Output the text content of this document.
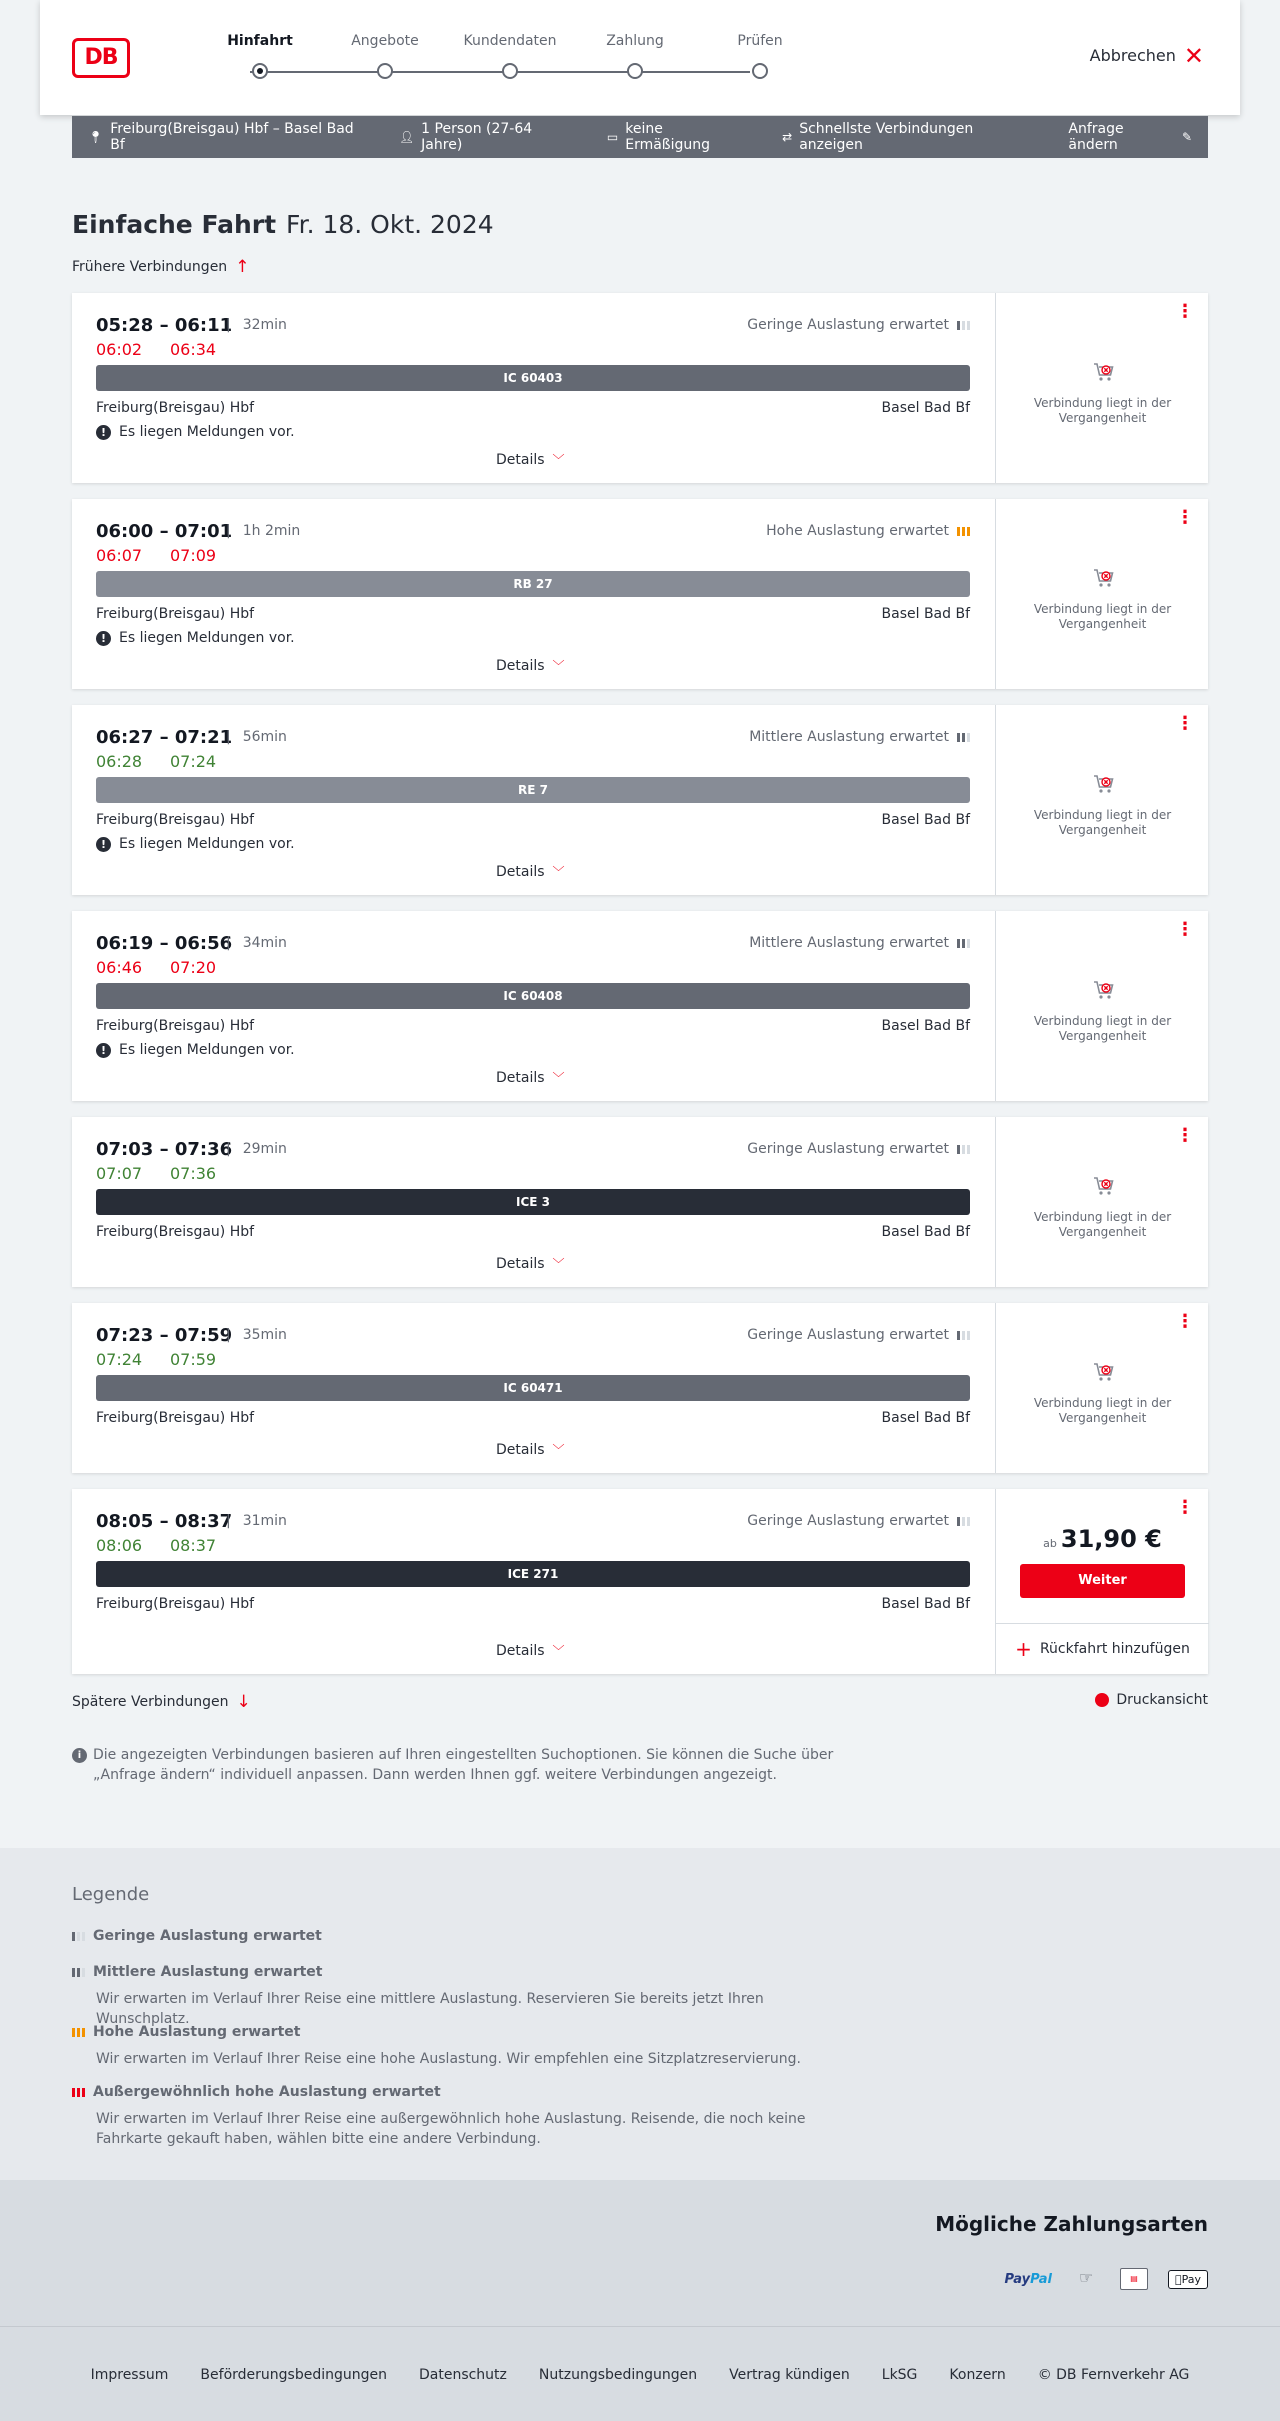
DB
Hinfahrt	Angebote	Kundendaten	Zahlung	Prüfen
Abbrechen ✕
📍︎ Freiburg(Breisgau) Hbf – Basel Bad Bf	👤︎ 1 Person (27-64 Jahre)	▭ keine Ermäßigung	⇄ Schnellste Verbindungen anzeigen
Anfrage ändern	✎
Einfache Fahrt Fr. 18. Okt. 2024
Frühere Verbindungen ↑
05:28 – 06:11 | 32min
06:02 06:34
Geringe Auslastung erwartet
IC 60403
Freiburg(Breisgau) Hbf	Basel Bad Bf
! Es liegen Meldungen vor.
Details ﹀
⋮
Verbindung liegt in der Vergangenheit
06:00 – 07:01 | 1h 2min
06:07 07:09
Hohe Auslastung erwartet
RB 27
Freiburg(Breisgau) Hbf	Basel Bad Bf
! Es liegen Meldungen vor.
Details ﹀
⋮
Verbindung liegt in der Vergangenheit
06:27 – 07:21 | 56min
06:28 07:24
Mittlere Auslastung erwartet
RE 7
Freiburg(Breisgau) Hbf	Basel Bad Bf
! Es liegen Meldungen vor.
Details ﹀
⋮
Verbindung liegt in der Vergangenheit
06:19 – 06:56 | 34min
06:46 07:20
Mittlere Auslastung erwartet
IC 60408
Freiburg(Breisgau) Hbf	Basel Bad Bf
! Es liegen Meldungen vor.
Details ﹀
⋮
Verbindung liegt in der Vergangenheit
07:03 – 07:36 | 29min
07:07 07:36
Geringe Auslastung erwartet
ICE 3
Freiburg(Breisgau) Hbf	Basel Bad Bf
Details ﹀
⋮
Verbindung liegt in der Vergangenheit
07:23 – 07:59 | 35min
07:24 07:59
Geringe Auslastung erwartet
IC 60471
Freiburg(Breisgau) Hbf	Basel Bad Bf
Details ﹀
⋮
Verbindung liegt in der Vergangenheit
08:05 – 08:37 | 31min
08:06 08:37
Geringe Auslastung erwartet
ICE 271
Freiburg(Breisgau) Hbf	Basel Bad Bf
Details ﹀
⋮
ab 31,90 €
Weiter
+ Rückfahrt hinzufügen
Spätere Verbindungen ↓	Druckansicht
i Die angezeigten Verbindungen basieren auf Ihren eingestellten Suchoptionen. Sie können die Suche über „Anfrage ändern“ individuell anpassen. Dann werden Ihnen ggf. weitere Verbindungen angezeigt.
Legende
Geringe Auslastung erwartet
Mittlere Auslastung erwartet
Wir erwarten im Verlauf Ihrer Reise eine mittlere Auslastung. Reservieren Sie bereits jetzt Ihren Wunschplatz.
Hohe Auslastung erwartet
Wir erwarten im Verlauf Ihrer Reise eine hohe Auslastung. Wir empfehlen eine Sitzplatzreservierung.
Außergewöhnlich hohe Auslastung erwartet
Wir erwarten im Verlauf Ihrer Reise eine außergewöhnlich hohe Auslastung. Reisende, die noch keine Fahrkarte gekauft haben, wählen bitte eine andere Verbindung.
Mögliche Zahlungsarten
PayPal	☞	▤	Pay
Impressum Beförderungsbedingungen Datenschutz Nutzungsbedingungen Vertrag kündigen LkSG Konzern © DB Fernverkehr AG
